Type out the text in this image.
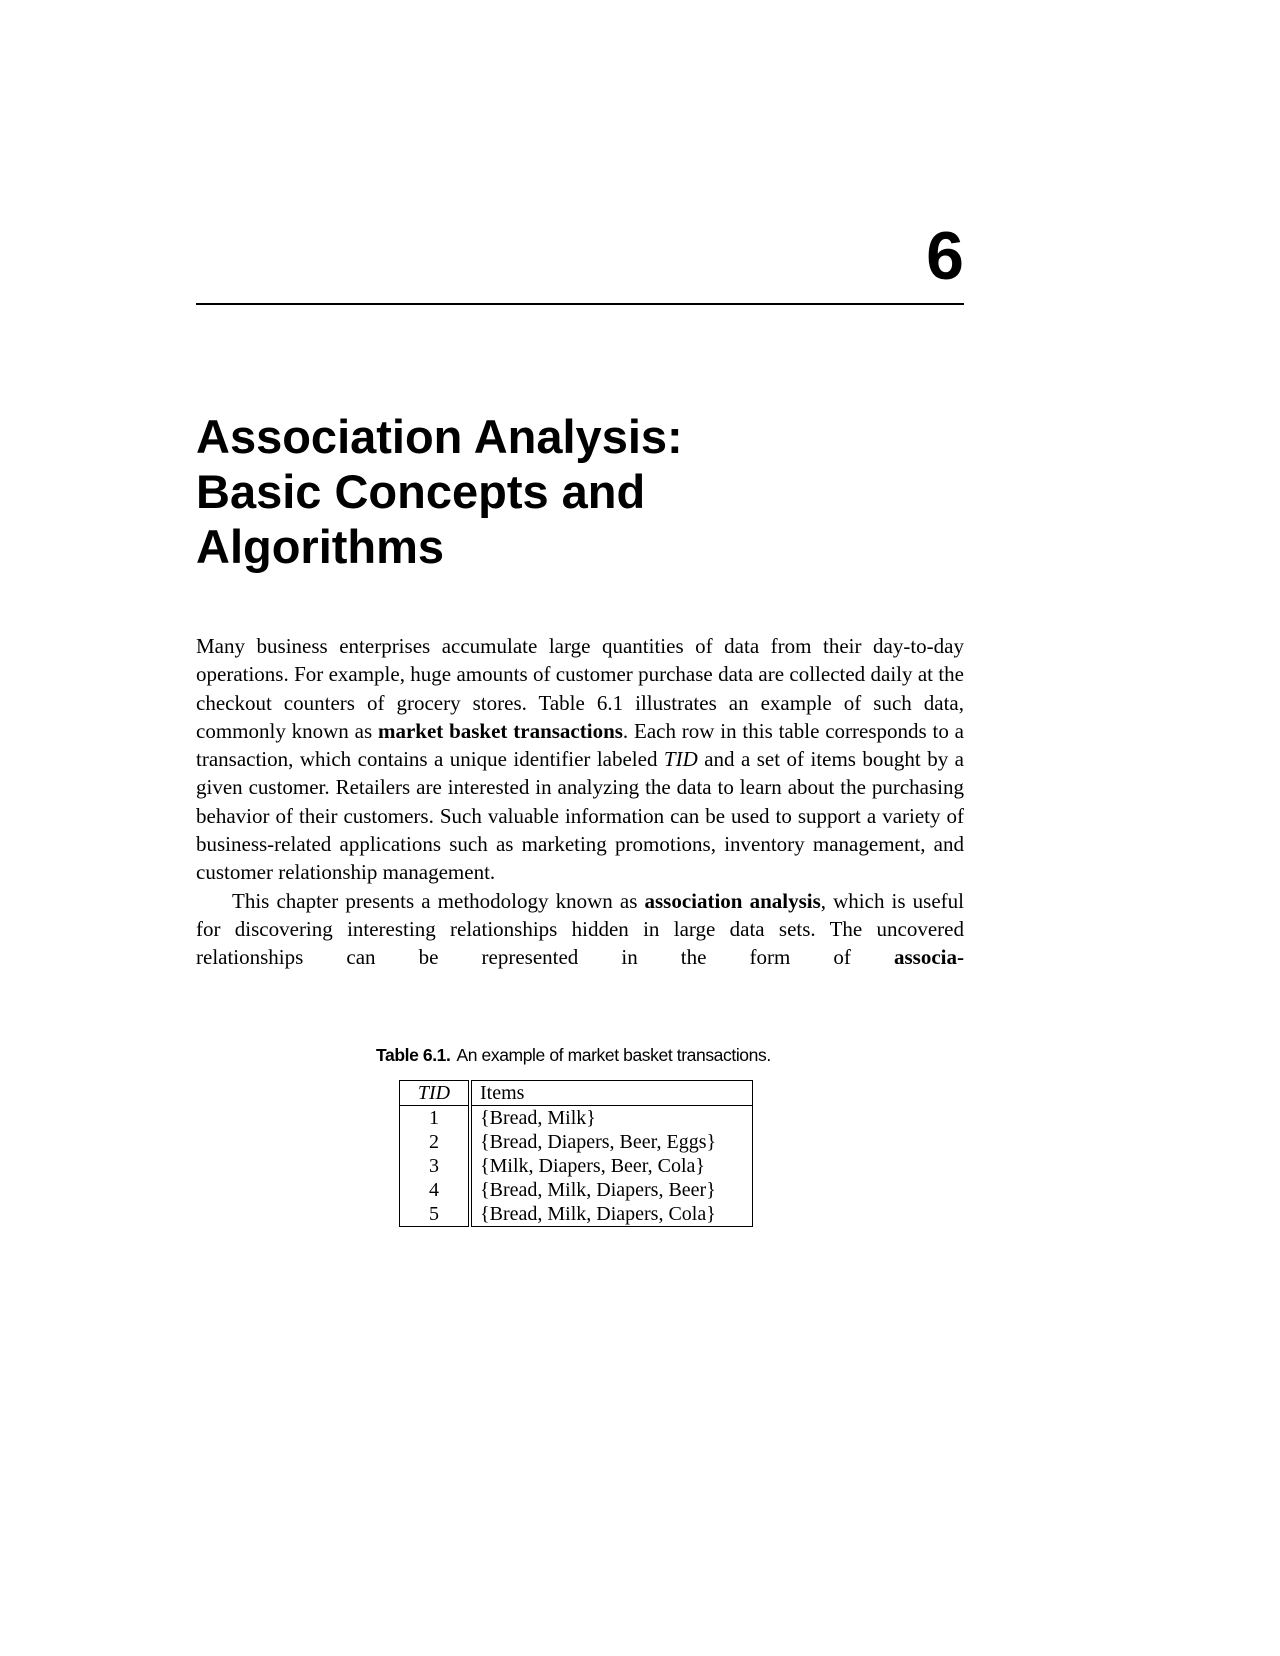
6
Association Analysis:
Basic Concepts and
Algorithms

Many business enterprises accumulate large quantities of data from their day-to-day operations. For example, huge amounts of customer purchase data are collected daily at the checkout counters of grocery stores. Table 6.1 illustrates an example of such data, commonly known as market basket transactions. Each row in this table corresponds to a transaction, which contains a unique identifier labeled TID and a set of items bought by a given customer. Retailers are interested in analyzing the data to learn about the purchasing behavior of their customers. Such valuable information can be used to support a variety of business-related applications such as marketing promotions, inventory management, and customer relationship management.

This chapter presents a methodology known as association analysis, which is useful for discovering interesting relationships hidden in large data sets. The uncovered relationships can be represented in the form of associa-

Table 6.1. An example of market basket transactions.
TID	Items
1	{Bread, Milk}
2	{Bread, Diapers, Beer, Eggs}
3	{Milk, Diapers, Beer, Cola}
4	{Bread, Milk, Diapers, Beer}
5	{Bread, Milk, Diapers, Cola}
